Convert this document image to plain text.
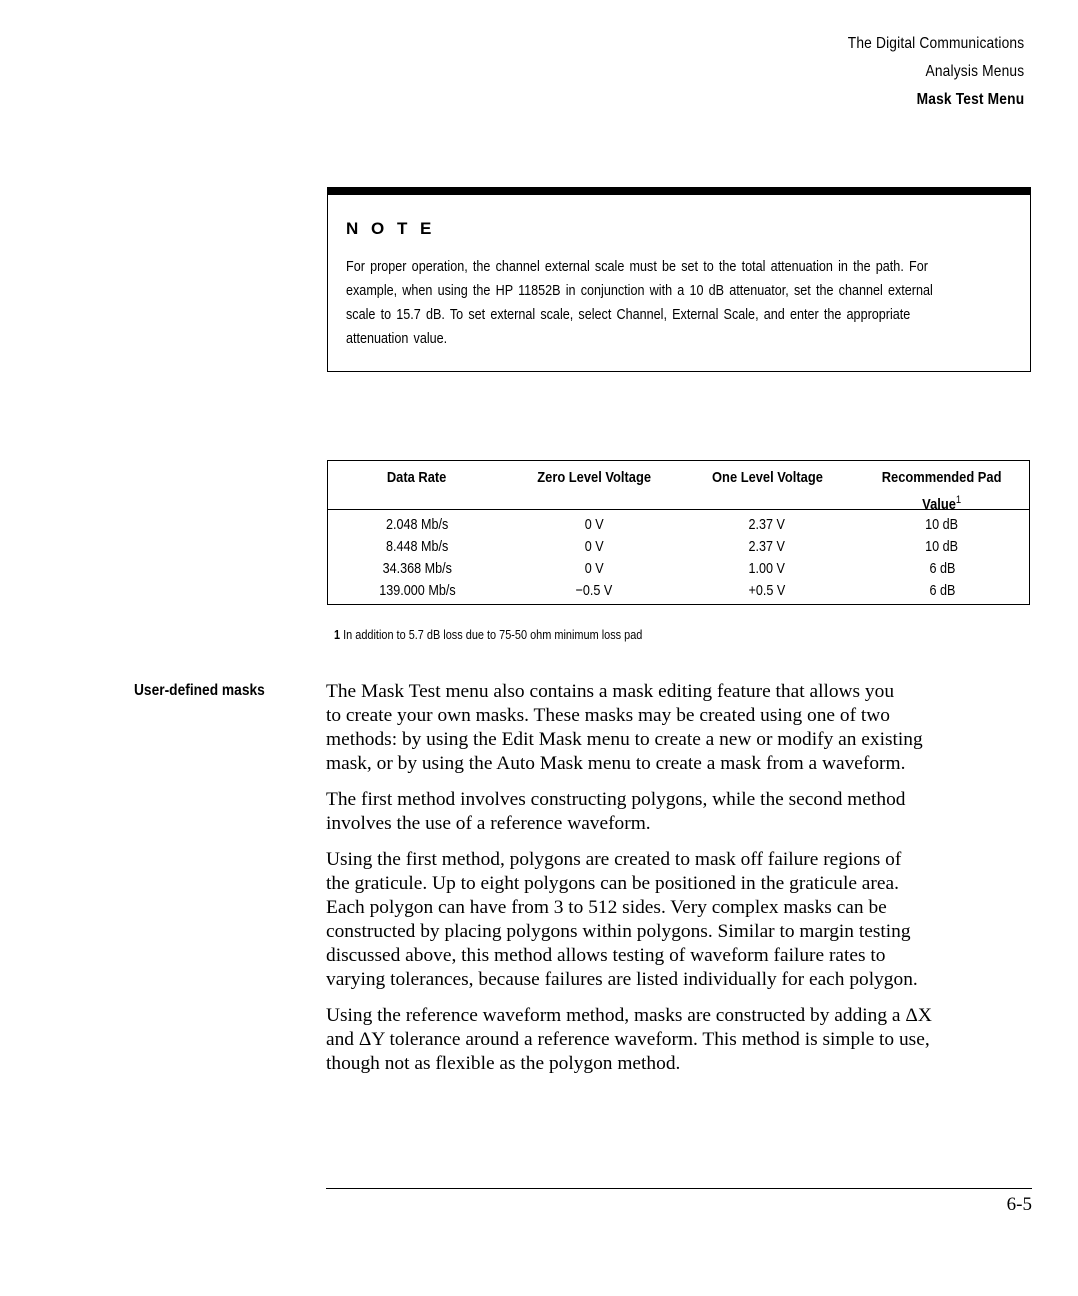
The Digital Communications
Analysis Menus
Mask Test Menu
N O T E
For proper operation, the channel external scale must be set to the total attenuation in the path. For
example, when using the HP 11852B in conjunction with a 10 dB attenuator, set the channel external
scale to 15.7 dB. To set external scale, select Channel, External Scale, and enter the appropriate
attenuation value.
Data Rate	Zero Level Voltage	One Level Voltage	Recommended Pad
Value$^1$
2.048 Mb/s	0 V	2.37 V	10 dB
8.448 Mb/s	0 V	2.37 V	10 dB
34.368 Mb/s	0 V	1.00 V	6 dB
139.000 Mb/s	−0.5 V	+0.5 V	6 dB
1 In addition to 5.7 dB loss due to 75-50 ohm minimum loss pad
User-defined masks	The Mask Test menu also contains a mask editing feature that allows you
to create your own masks. These masks may be created using one of two
methods: by using the Edit Mask menu to create a new or modify an existing
mask, or by using the Auto Mask menu to create a mask from a waveform.

The first method involves constructing polygons, while the second method
involves the use of a reference waveform.

Using the first method, polygons are created to mask off failure regions of
the graticule. Up to eight polygons can be positioned in the graticule area.
Each polygon can have from 3 to 512 sides. Very complex masks can be
constructed by placing polygons within polygons. Similar to margin testing
discussed above, this method allows testing of waveform failure rates to
varying tolerances, because failures are listed individually for each polygon.

Using the reference waveform method, masks are constructed by adding a ΔX
and ΔY tolerance around a reference waveform. This method is simple to use,
though not as flexible as the polygon method.

6-5
